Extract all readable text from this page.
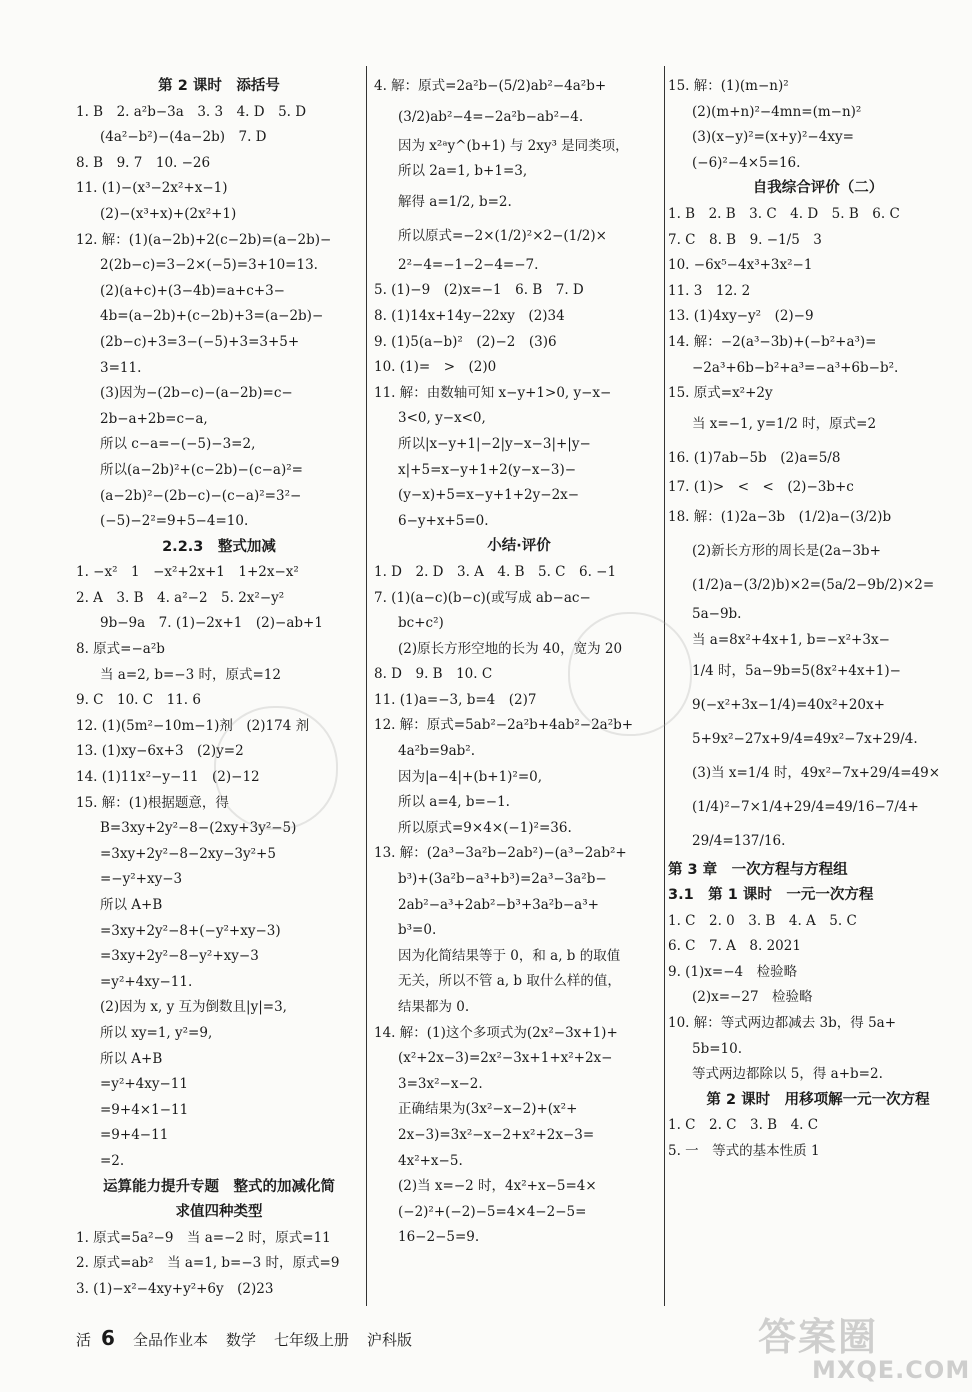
第 2 课时　添括号
1. B　2. a²b−3a　3. 3　4. D　5. D
(4a²−b²)−(4a−2b)　7. D
8. B　9. 7　10. −26
11. (1)−(x³−2x²+x−1)
(2)−(x³+x)+(2x²+1)
12. 解：(1)(a−2b)+2(c−2b)=(a−2b)−
2(2b−c)=3−2×(−5)=3+10=13.
(2)(a+c)+(3−4b)=a+c+3−
4b=(a−2b)+(c−2b)+3=(a−2b)−
(2b−c)+3=3−(−5)+3=3+5+
3=11.
(3)因为−(2b−c)−(a−2b)=c−
2b−a+2b=c−a,
所以 c−a=−(−5)−3=2,
所以(a−2b)²+(c−2b)−(c−a)²=
(a−2b)²−(2b−c)−(c−a)²=3²−
(−5)−2²=9+5−4=10.
2.2.3　整式加减
1. −x²　1　−x²+2x+1　1+2x−x²
2. A　3. B　4. a²−2　5. 2x²−y²
9b−9a　7. (1)−2x+1　(2)−ab+1
8. 原式=−a²b
当 a=2, b=−3 时，原式=12
9. C　10. C　11. 6
12. (1)(5m²−10m−1)剂　(2)174 剂
13. (1)xy−6x+3　(2)y=2
14. (1)11x²−y−11　(2)−12
15. 解：(1)根据题意，得
B=3xy+2y²−8−(2xy+3y²−5)
=3xy+2y²−8−2xy−3y²+5
=−y²+xy−3
所以 A+B
=3xy+2y²−8+(−y²+xy−3)
=3xy+2y²−8−y²+xy−3
=y²+4xy−11.
(2)因为 x, y 互为倒数且|y|=3,
所以 xy=1, y²=9,
所以 A+B
=y²+4xy−11
=9+4×1−11
=9+4−11
=2.
运算能力提升专题　整式的加减化简
求值四种类型
1. 原式=5a²−9　当 a=−2 时，原式=11
2. 原式=ab²　当 a=1, b=−3 时，原式=9
3. (1)−x²−4xy+y²+6y　(2)23
4. 解：原式=2a²b−(5/2)ab²−4a²b+
(3/2)ab²−4=−2a²b−ab²−4.
因为 x²ᵃy^(b+1) 与 2xy³ 是同类项，
所以 2a=1, b+1=3,
解得 a=1/2, b=2.
所以原式=−2×(1/2)²×2−(1/2)×
2²−4=−1−2−4=−7.
5. (1)−9　(2)x=−1　6. B　7. D
8. (1)14x+14y−22xy　(2)34
9. (1)5(a−b)²　(2)−2　(3)6
10. (1)=　>　(2)0
11. 解：由数轴可知 x−y+1>0, y−x−
3<0, y−x<0,
所以|x−y+1|−2|y−x−3|+|y−
x|+5=x−y+1+2(y−x−3)−
(y−x)+5=x−y+1+2y−2x−
6−y+x+5=0.
小结·评价
1. D　2. D　3. A　4. B　5. C　6. −1
7. (1)(a−c)(b−c)(或写成 ab−ac−
bc+c²)
(2)原长方形空地的长为 40，宽为 20
8. D　9. B　10. C
11. (1)a=−3, b=4　(2)7
12. 解：原式=5ab²−2a²b+4ab²−2a²b+
4a²b=9ab².
因为|a−4|+(b+1)²=0,
所以 a=4, b=−1.
所以原式=9×4×(−1)²=36.
13. 解：(2a³−3a²b−2ab²)−(a³−2ab²+
b³)+(3a²b−a³+b³)=2a³−3a²b−
2ab²−a³+2ab²−b³+3a²b−a³+
b³=0.
因为化简结果等于 0，和 a, b 的取值
无关，所以不管 a, b 取什么样的值，
结果都为 0.
14. 解：(1)这个多项式为(2x²−3x+1)+
(x²+2x−3)=2x²−3x+1+x²+2x−
3=3x²−x−2.
正确结果为(3x²−x−2)+(x²+
2x−3)=3x²−x−2+x²+2x−3=
4x²+x−5.
(2)当 x=−2 时，4x²+x−5=4×
(−2)²+(−2)−5=4×4−2−5=
16−2−5=9.
15. 解：(1)(m−n)²
(2)(m+n)²−4mn=(m−n)²
(3)(x−y)²=(x+y)²−4xy=
(−6)²−4×5=16.
自我综合评价（二）
1. B　2. B　3. C　4. D　5. B　6. C
7. C　8. B　9. −1/5　3
10. −6x⁵−4x³+3x²−1
11. 3　12. 2
13. (1)4xy−y²　(2)−9
14. 解：−2(a³−3b)+(−b²+a³)=
−2a³+6b−b²+a³=−a³+6b−b².
15. 原式=x²+2y
当 x=−1, y=1/2 时，原式=2
16. (1)7ab−5b　(2)a=5/8
17. (1)>　<　<　(2)−3b+c
18. 解：(1)2a−3b　(1/2)a−(3/2)b
(2)新长方形的周长是(2a−3b+
(1/2)a−(3/2)b)×2=(5a/2−9b/2)×2=
5a−9b.
当 a=8x²+4x+1, b=−x²+3x−
1/4 时，5a−9b=5(8x²+4x+1)−
9(−x²+3x−1/4)=40x²+20x+
5+9x²−27x+9/4=49x²−7x+29/4.
(3)当 x=1/4 时，49x²−7x+29/4=49×
(1/4)²−7×1/4+29/4=49/16−7/4+
29/4=137/16.
第 3 章　一次方程与方程组
3.1　第 1 课时　一元一次方程
1. C　2. 0　3. B　4. A　5. C
6. C　7. A　8. 2021
9. (1)x=−4　检验略
(2)x=−27　检验略
10. 解：等式两边都减去 3b，得 5a+
5b=10.
等式两边都除以 5，得 a+b=2.
第 2 课时　用移项解一元一次方程
1. C　2. C　3. B　4. C
5. 一　等式的基本性质 1
活 6 全品作业本 数学 七年级上册 沪科版	答案圈
MXQE.COM
